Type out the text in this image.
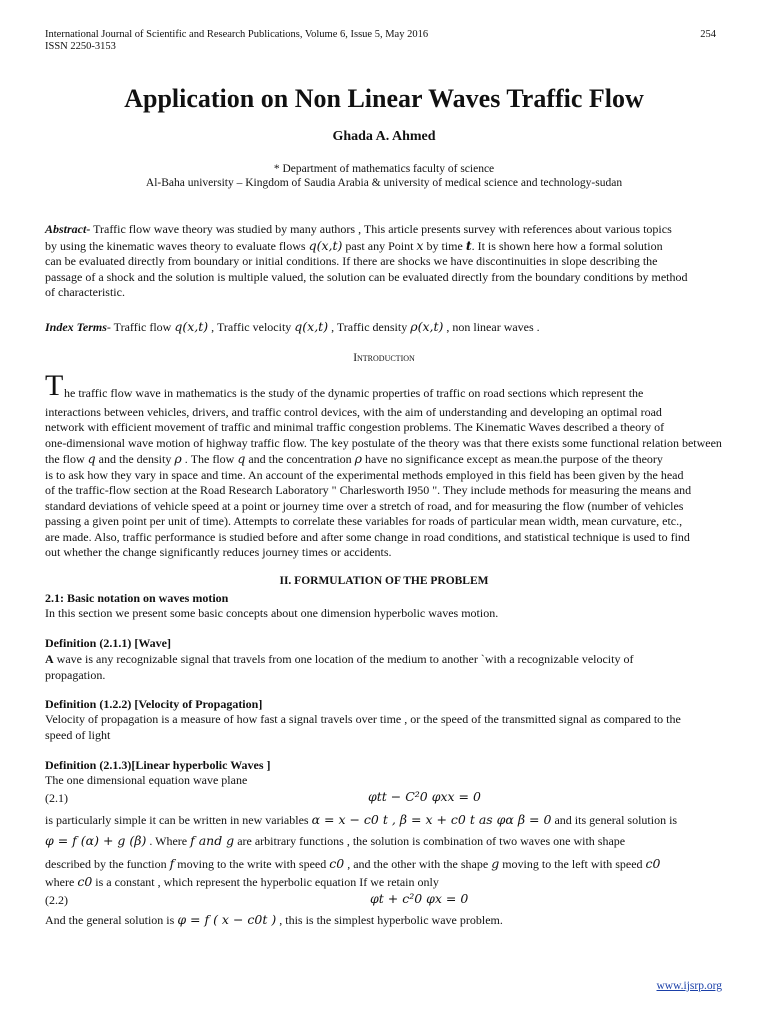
International Journal of Scientific and Research Publications, Volume 6, Issue 5, May 2016
ISSN 2250-3153
254
Application on Non Linear Waves Traffic Flow
Ghada A. Ahmed
* Department of mathematics faculty of science
Al-Baha university – Kingdom of Saudia Arabia & university of medical science and technology-sudan
Abstract- Traffic flow wave theory was studied by many authors , This article presents survey with references about various topics
by using the kinematic waves theory to evaluate flows q(x,t) past any Point x by time t. It is shown here how a formal solution
can be evaluated directly from boundary or initial conditions. If there are shocks we have discontinuities in slope describing the
passage of a shock and the solution is multiple valued, the solution can be evaluated directly from the boundary conditions by method
of characteristic.
Index Terms- Traffic flow q(x,t) , Traffic velocity q(x,t) , Traffic density ρ(x,t) , non linear waves .
Introduction
T he traffic flow wave in mathematics is the study of the dynamic properties of traffic on road sections which represent the
interactions between vehicles, drivers, and traffic control devices, with the aim of understanding and developing an optimal road
network with efficient movement of traffic and minimal traffic congestion problems. The Kinematic Waves described a theory of
one-dimensional wave motion of highway traffic flow. The key postulate of the theory was that there exists some functional relation between
the flow q and the density ρ . The flow q and the concentration ρ have no significance except as mean.the purpose of the theory
is to ask how they vary in space and time. An account of the experimental methods employed in this field has been given by the head
of the traffic-flow section at the Road Research Laboratory " Charlesworth I950 ". They include methods for measuring the means and
standard deviations of vehicle speed at a point or journey time over a stretch of road, and for measuring the flow (number of vehicles
passing a given point per unit of time). Attempts to correlate these variables for roads of particular mean width, mean curvature, etc.,
are made. Also, traffic performance is studied before and after some change in road conditions, and statistical technique is used to find
out whether the change significantly reduces journey times or accidents.
II. FORMULATION OF THE PROBLEM
2.1: Basic notation on waves motion
In this section we present some basic concepts about one dimension hyperbolic waves motion.
Definition (2.1.1) [Wave]
A wave is any recognizable signal that travels from one location of the medium to another `with a recognizable velocity of
propagation.
Definition (1.2.2) [Velocity of Propagation]
Velocity of propagation is a measure of how fast a signal travels over time , or the speed of the transmitted signal as compared to the
speed of light
Definition (2.1.3)[Linear hyperbolic Waves ]
The one dimensional equation wave plane
(2.1)	φtt − C²0 φxx = 0
is particularly simple it can be written in new variables α = x − c0 t , β = x + c0 t as φα β = 0 and its general solution is
φ = f (α) + g (β) . Where f and g are arbitrary functions , the solution is combination of two waves one with shape
described by the function f moving to the write with speed c0 , and the other with the shape g moving to the left with speed c0
where c0 is a constant , which represent the hyperbolic equation If we retain only
(2.2)	φt + c²0 φx = 0
And the general solution is φ = f ( x − c0t ) , this is the simplest hyperbolic wave problem.
www.ijsrp.org
